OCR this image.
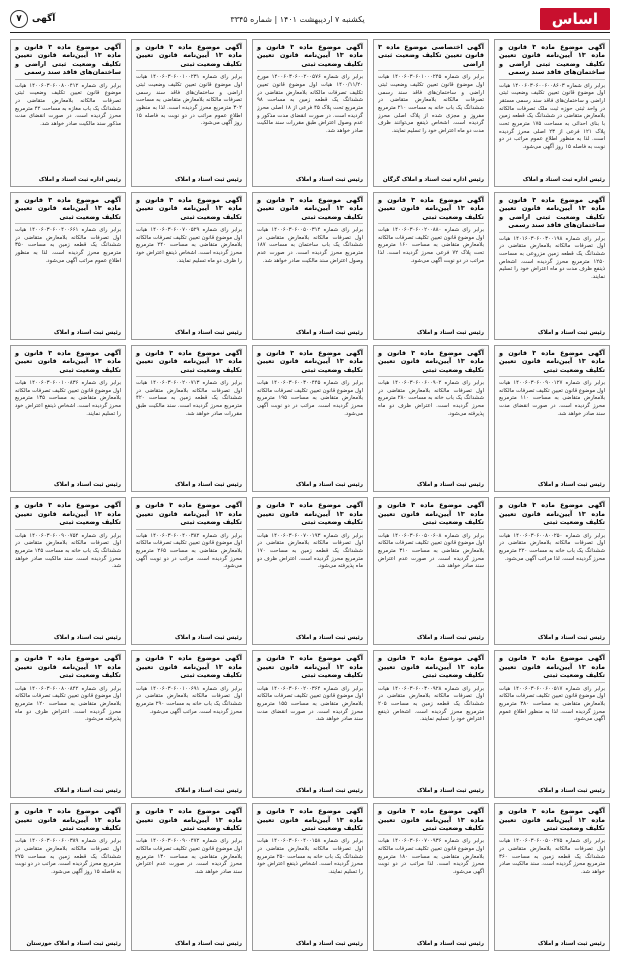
اساس
یکشنبه ۷ اردیبهشت ۱۴۰۱ | شماره ۳۳۴۵
آگهی
۷
آگهی موضوع ماده ۳ قانون و ماده ۱۳ آیین‌نامه قانون تعیین تکلیف وضعیت ثبتی اراضی و ساختمان‌های فاقد سند رسمی

برابر رای شماره ۱۴۰۰۶۰۳۰۶۰۰۶۰۰۸۶۰۳ هیات اول موضوع قانون تعیین تکلیف وضعیت ثبتی اراضی و ساختمان‌های فاقد سند رسمی مستقر در واحد ثبتی حوزه ثبت ملک تصرفات مالکانه بلامعارض متقاضی در ششدانگ یک قطعه زمین با بنای احداثی به مساحت ۱۷۵ مترمربع تحت پلاک ۱۲۱ فرعی از ۲۳ اصلی محرز گردیده است. لذا به منظور اطلاع عموم مراتب در دو نوبت به فاصله ۱۵ روز آگهی می‌شود.

رئیس اداره ثبت اسناد و املاک
آگهی اختصاصی موضوع ماده ۳ قانون تعیین تکلیف وضعیت ثبتی اراضی

برابر رای شماره ۱۴۰۰۶۰۳۰۶۰۱۰۰۰۲۴۵ هیات اول موضوع قانون تعیین تکلیف وضعیت ثبتی اراضی و ساختمان‌های فاقد سند رسمی تصرفات مالکانه بلامعارض متقاضی در ششدانگ یک باب خانه به مساحت ۲۱۰ مترمربع مفروز و مجزی شده از پلاک اصلی محرز گردیده است. اشخاص ذینفع می‌توانند ظرف مدت دو ماه اعتراض خود را تسلیم نمایند.

رئیس اداره ثبت اسناد و املاک گرگان
آگهی موضوع ماده ۳ قانون و ماده ۱۳ آیین‌نامه قانون تعیین تکلیف وضعیت ثبتی

برابر رای شماره ۱۴۰۰۶۰۳۰۶۰۰۲۰۰۵۷۶ مورخ ۱۴۰۰/۱۱/۲۰ هیات اول موضوع قانون تعیین تکلیف تصرفات مالکانه بلامعارض متقاضی در ششدانگ یک قطعه زمین به مساحت ۹۸ مترمربع تحت پلاک ۴۵ فرعی از ۱۸ اصلی محرز گردیده است. در صورت انقضای مدت مذکور و عدم وصول اعتراض طبق مقررات سند مالکیت صادر خواهد شد.

رئیس ثبت اسناد و املاک
آگهی موضوع ماده ۳ قانون و ماده ۱۳ آیین‌نامه قانون تعیین تکلیف وضعیت ثبتی

برابر رای شماره ۱۴۰۰۶۰۳۰۶۰۰۱۰۰۲۳۱ هیات اول موضوع قانون تعیین تکلیف وضعیت ثبتی اراضی و ساختمان‌های فاقد سند رسمی تصرفات مالکانه بلامعارض متقاضی به مساحت ۳۰۲ مترمربع محرز گردیده است. لذا به منظور اطلاع عموم مراتب در دو نوبت به فاصله ۱۵ روز آگهی می‌شود.

رئیس ثبت اسناد و املاک
آگهی موضوع ماده ۳ قانون و ماده ۱۳ آیین‌نامه قانون تعیین تکلیف وضعیت ثبتی اراضی و ساختمان‌های فاقد سند رسمی

برابر رای شماره ۱۴۰۰۶۰۳۰۶۰۰۸۰۰۴۱۲ هیات موضوع قانون تعیین تکلیف وضعیت ثبتی تصرفات مالکانه بلامعارض متقاضی در ششدانگ یک باب مغازه به مساحت ۴۲ مترمربع محرز گردیده است. در صورت انقضای مدت مذکور سند مالکیت صادر خواهد شد.

رئیس اداره ثبت اسناد و املاک
آگهی موضوع ماده ۳ قانون و ماده ۱۳ آیین‌نامه قانون تعیین تکلیف وضعیت ثبتی اراضی و ساختمان‌های فاقد سند رسمی

برابر رای شماره ۱۴۰۱۶۰۳۰۶۰۰۳۰۰۱۹۸ هیات اول تصرفات مالکانه بلامعارض متقاضی در ششدانگ یک قطعه زمین مزروعی به مساحت ۱۲۵۰ مترمربع محرز گردیده است. اشخاص ذینفع ظرف مدت دو ماه اعتراض خود را تسلیم نمایند.

رئیس ثبت اسناد و املاک
آگهی موضوع ماده ۳ قانون و ماده ۱۳ آیین‌نامه قانون تعیین تکلیف وضعیت ثبتی

برابر رای شماره ۱۴۰۰۶۰۳۰۶۰۰۲۰۰۸۸۰ هیات اول موضوع قانون تعیین تکلیف تصرفات مالکانه بلامعارض متقاضی به مساحت ۱۶۰ مترمربع تحت پلاک ۷۲ فرعی محرز گردیده است. لذا مراتب در دو نوبت آگهی می‌شود.

رئیس ثبت اسناد و املاک
آگهی موضوع ماده ۳ قانون و ماده ۱۳ آیین‌نامه قانون تعیین تکلیف وضعیت ثبتی

برابر رای شماره ۱۴۰۰۶۰۳۰۶۰۰۵۰۰۳۱۴ هیات اول تصرفات مالکانه بلامعارض متقاضی در ششدانگ یک باب ساختمان به مساحت ۱۸۷ مترمربع محرز گردیده است. در صورت عدم وصول اعتراض سند مالکیت صادر خواهد شد.

رئیس ثبت اسناد و املاک
آگهی موضوع ماده ۳ قانون و ماده ۱۳ آیین‌نامه قانون تعیین تکلیف وضعیت ثبتی

برابر رای شماره ۱۴۰۰۶۰۳۰۶۰۰۷۰۰۵۲۹ هیات اول موضوع قانون تعیین تکلیف تصرفات مالکانه بلامعارض متقاضی به مساحت ۲۴۰ مترمربع محرز گردیده است. اشخاص ذینفع اعتراض خود را ظرف دو ماه تسلیم نمایند.

رئیس ثبت اسناد و املاک
آگهی موضوع ماده ۳ قانون و ماده ۱۳ آیین‌نامه قانون تعیین تکلیف وضعیت ثبتی

برابر رای شماره ۱۴۰۰۶۰۳۰۶۰۰۴۰۰۶۶۱ هیات اول تصرفات مالکانه بلامعارض متقاضی در ششدانگ یک قطعه زمین به مساحت ۳۵۰ مترمربع محرز گردیده است. لذا به منظور اطلاع عموم مراتب آگهی می‌شود.

رئیس ثبت اسناد و املاک
آگهی موضوع ماده ۳ قانون و ماده ۱۳ آیین‌نامه قانون تعیین تکلیف وضعیت ثبتی

برابر رای شماره ۱۴۰۰۶۰۳۰۶۰۰۹۰۰۱۲۷ هیات اول موضوع قانون تعیین تکلیف تصرفات مالکانه بلامعارض متقاضی به مساحت ۱۱۰ مترمربع محرز گردیده است. در صورت انقضای مدت سند صادر خواهد شد.

رئیس ثبت اسناد و املاک
آگهی موضوع ماده ۳ قانون و ماده ۱۳ آیین‌نامه قانون تعیین تکلیف وضعیت ثبتی

برابر رای شماره ۱۴۰۰۶۰۳۰۶۰۰۶۰۰۹۰۲ هیات اول تصرفات مالکانه بلامعارض متقاضی در ششدانگ یک باب خانه به مساحت ۲۸۰ مترمربع محرز گردیده است. اعتراض ظرف دو ماه پذیرفته می‌شود.

رئیس ثبت اسناد و املاک
آگهی موضوع ماده ۳ قانون و ماده ۱۳ آیین‌نامه قانون تعیین تکلیف وضعیت ثبتی

برابر رای شماره ۱۴۰۰۶۰۳۰۶۰۰۳۰۰۴۴۵ هیات اول موضوع قانون تعیین تکلیف تصرفات مالکانه بلامعارض متقاضی به مساحت ۱۹۵ مترمربع محرز گردیده است. مراتب در دو نوبت آگهی می‌شود.

رئیس ثبت اسناد و املاک
آگهی موضوع ماده ۳ قانون و ماده ۱۳ آیین‌نامه قانون تعیین تکلیف وضعیت ثبتی

برابر رای شماره ۱۴۰۰۶۰۳۰۶۰۰۲۰۰۷۱۳ هیات اول تصرفات مالکانه بلامعارض متقاضی در ششدانگ یک قطعه زمین به مساحت ۴۲۰ مترمربع محرز گردیده است. سند مالکیت طبق مقررات صادر خواهد شد.

رئیس ثبت اسناد و املاک
آگهی موضوع ماده ۳ قانون و ماده ۱۳ آیین‌نامه قانون تعیین تکلیف وضعیت ثبتی

برابر رای شماره ۱۴۰۰۶۰۳۰۶۰۰۱۰۰۸۳۶ هیات اول موضوع قانون تعیین تکلیف تصرفات مالکانه بلامعارض متقاضی به مساحت ۱۳۵ مترمربع محرز گردیده است. اشخاص ذینفع اعتراض خود را تسلیم نمایند.

رئیس ثبت اسناد و املاک
آگهی موضوع ماده ۳ قانون و ماده ۱۳ آیین‌نامه قانون تعیین تکلیف وضعیت ثبتی

برابر رای شماره ۱۴۰۰۶۰۳۰۶۰۰۸۰۰۲۵۰ هیات اول تصرفات مالکانه بلامعارض متقاضی در ششدانگ یک باب خانه به مساحت ۲۲۰ مترمربع محرز گردیده است. لذا مراتب آگهی می‌شود.

رئیس ثبت اسناد و املاک
آگهی موضوع ماده ۳ قانون و ماده ۱۳ آیین‌نامه قانون تعیین تکلیف وضعیت ثبتی

برابر رای شماره ۱۴۰۰۶۰۳۰۶۰۰۵۰۰۶۰۸ هیات اول موضوع قانون تعیین تکلیف تصرفات مالکانه بلامعارض متقاضی به مساحت ۳۱۰ مترمربع محرز گردیده است. در صورت عدم اعتراض سند صادر خواهد شد.

رئیس ثبت اسناد و املاک
آگهی موضوع ماده ۳ قانون و ماده ۱۳ آیین‌نامه قانون تعیین تکلیف وضعیت ثبتی

برابر رای شماره ۱۴۰۰۶۰۳۰۶۰۰۷۰۰۱۹۳ هیات اول تصرفات مالکانه بلامعارض متقاضی در ششدانگ یک قطعه زمین به مساحت ۱۷۰ مترمربع محرز گردیده است. اعتراض ظرف دو ماه پذیرفته می‌شود.

رئیس ثبت اسناد و املاک
آگهی موضوع ماده ۳ قانون و ماده ۱۳ آیین‌نامه قانون تعیین تکلیف وضعیت ثبتی

برابر رای شماره ۱۴۰۰۶۰۳۰۶۰۰۴۰۰۳۸۲ هیات اول موضوع قانون تعیین تکلیف تصرفات مالکانه بلامعارض متقاضی به مساحت ۲۶۵ مترمربع محرز گردیده است. مراتب در دو نوبت آگهی می‌شود.

رئیس ثبت اسناد و املاک
آگهی موضوع ماده ۳ قانون و ماده ۱۳ آیین‌نامه قانون تعیین تکلیف وضعیت ثبتی

برابر رای شماره ۱۴۰۰۶۰۳۰۶۰۰۹۰۰۷۵۴ هیات اول تصرفات مالکانه بلامعارض متقاضی در ششدانگ یک باب خانه به مساحت ۱۴۵ مترمربع محرز گردیده است. سند مالکیت صادر خواهد شد.

رئیس ثبت اسناد و املاک
آگهی موضوع ماده ۳ قانون و ماده ۱۳ آیین‌نامه قانون تعیین تکلیف وضعیت ثبتی

برابر رای شماره ۱۴۰۰۶۰۳۰۶۰۰۶۰۰۵۱۷ هیات اول موضوع قانون تعیین تکلیف تصرفات مالکانه بلامعارض متقاضی به مساحت ۳۸۰ مترمربع محرز گردیده است. لذا به منظور اطلاع عموم آگهی می‌شود.

رئیس ثبت اسناد و املاک
آگهی موضوع ماده ۳ قانون و ماده ۱۳ آیین‌نامه قانون تعیین تکلیف وضعیت ثبتی

برابر رای شماره ۱۴۰۰۶۰۳۰۶۰۰۳۰۰۹۲۸ هیات اول تصرفات مالکانه بلامعارض متقاضی در ششدانگ یک قطعه زمین به مساحت ۲۰۵ مترمربع محرز گردیده است. اشخاص ذینفع اعتراض خود را تسلیم نمایند.

رئیس ثبت اسناد و املاک
آگهی موضوع ماده ۳ قانون و ماده ۱۳ آیین‌نامه قانون تعیین تکلیف وضعیت ثبتی

برابر رای شماره ۱۴۰۰۶۰۳۰۶۰۰۲۰۰۳۶۴ هیات اول موضوع قانون تعیین تکلیف تصرفات مالکانه بلامعارض متقاضی به مساحت ۱۵۵ مترمربع محرز گردیده است. در صورت انقضای مدت سند صادر خواهد شد.

رئیس ثبت اسناد و املاک
آگهی موضوع ماده ۳ قانون و ماده ۱۳ آیین‌نامه قانون تعیین تکلیف وضعیت ثبتی

برابر رای شماره ۱۴۰۰۶۰۳۰۶۰۰۱۰۰۶۹۱ هیات اول تصرفات مالکانه بلامعارض متقاضی در ششدانگ یک باب خانه به مساحت ۲۹۰ مترمربع محرز گردیده است. مراتب آگهی می‌شود.

رئیس ثبت اسناد و املاک
آگهی موضوع ماده ۳ قانون و ماده ۱۳ آیین‌نامه قانون تعیین تکلیف وضعیت ثبتی

برابر رای شماره ۱۴۰۰۶۰۳۰۶۰۰۸۰۰۸۴۲ هیات اول موضوع قانون تعیین تکلیف تصرفات مالکانه بلامعارض متقاضی به مساحت ۱۲۰ مترمربع محرز گردیده است. اعتراض ظرف دو ماه پذیرفته می‌شود.

رئیس ثبت اسناد و املاک
آگهی موضوع ماده ۳ قانون و ماده ۱۳ آیین‌نامه قانون تعیین تکلیف وضعیت ثبتی

برابر رای شماره ۱۴۰۰۶۰۳۰۶۰۰۵۰۰۲۷۵ هیات اول تصرفات مالکانه بلامعارض متقاضی در ششدانگ یک قطعه زمین به مساحت ۳۶۰ مترمربع محرز گردیده است. سند مالکیت صادر خواهد شد.

رئیس ثبت اسناد و املاک
آگهی موضوع ماده ۳ قانون و ماده ۱۳ آیین‌نامه قانون تعیین تکلیف وضعیت ثبتی

برابر رای شماره ۱۴۰۰۶۰۳۰۶۰۰۷۰۰۹۳۶ هیات اول موضوع قانون تعیین تکلیف تصرفات مالکانه بلامعارض متقاضی به مساحت ۱۸۰ مترمربع محرز گردیده است. لذا مراتب در دو نوبت آگهی می‌شود.

رئیس ثبت اسناد و املاک
آگهی موضوع ماده ۳ قانون و ماده ۱۳ آیین‌نامه قانون تعیین تکلیف وضعیت ثبتی

برابر رای شماره ۱۴۰۰۶۰۳۰۶۰۰۴۰۰۱۵۸ هیات اول تصرفات مالکانه بلامعارض متقاضی در ششدانگ یک باب خانه به مساحت ۲۵۰ مترمربع محرز گردیده است. اشخاص ذینفع اعتراض خود را تسلیم نمایند.

رئیس ثبت اسناد و املاک
آگهی موضوع ماده ۳ قانون و ماده ۱۳ آیین‌نامه قانون تعیین تکلیف وضعیت ثبتی

برابر رای شماره ۱۴۰۰۶۰۳۰۶۰۰۹۰۰۴۷۲ هیات اول موضوع قانون تعیین تکلیف تصرفات مالکانه بلامعارض متقاضی به مساحت ۱۳۰ مترمربع محرز گردیده است. در صورت عدم اعتراض سند صادر خواهد شد.

رئیس ثبت اسناد و املاک
آگهی موضوع ماده ۳ قانون و ماده ۱۳ آیین‌نامه قانون تعیین تکلیف وضعیت ثبتی

برابر رای شماره ۱۴۰۰۶۰۳۰۶۰۰۶۰۰۳۸۹ هیات اول تصرفات مالکانه بلامعارض متقاضی در ششدانگ یک قطعه زمین به مساحت ۲۷۵ مترمربع محرز گردیده است. مراتب در دو نوبت به فاصله ۱۵ روز آگهی می‌شود.

رئیس ثبت اسناد و املاک خوزستان
